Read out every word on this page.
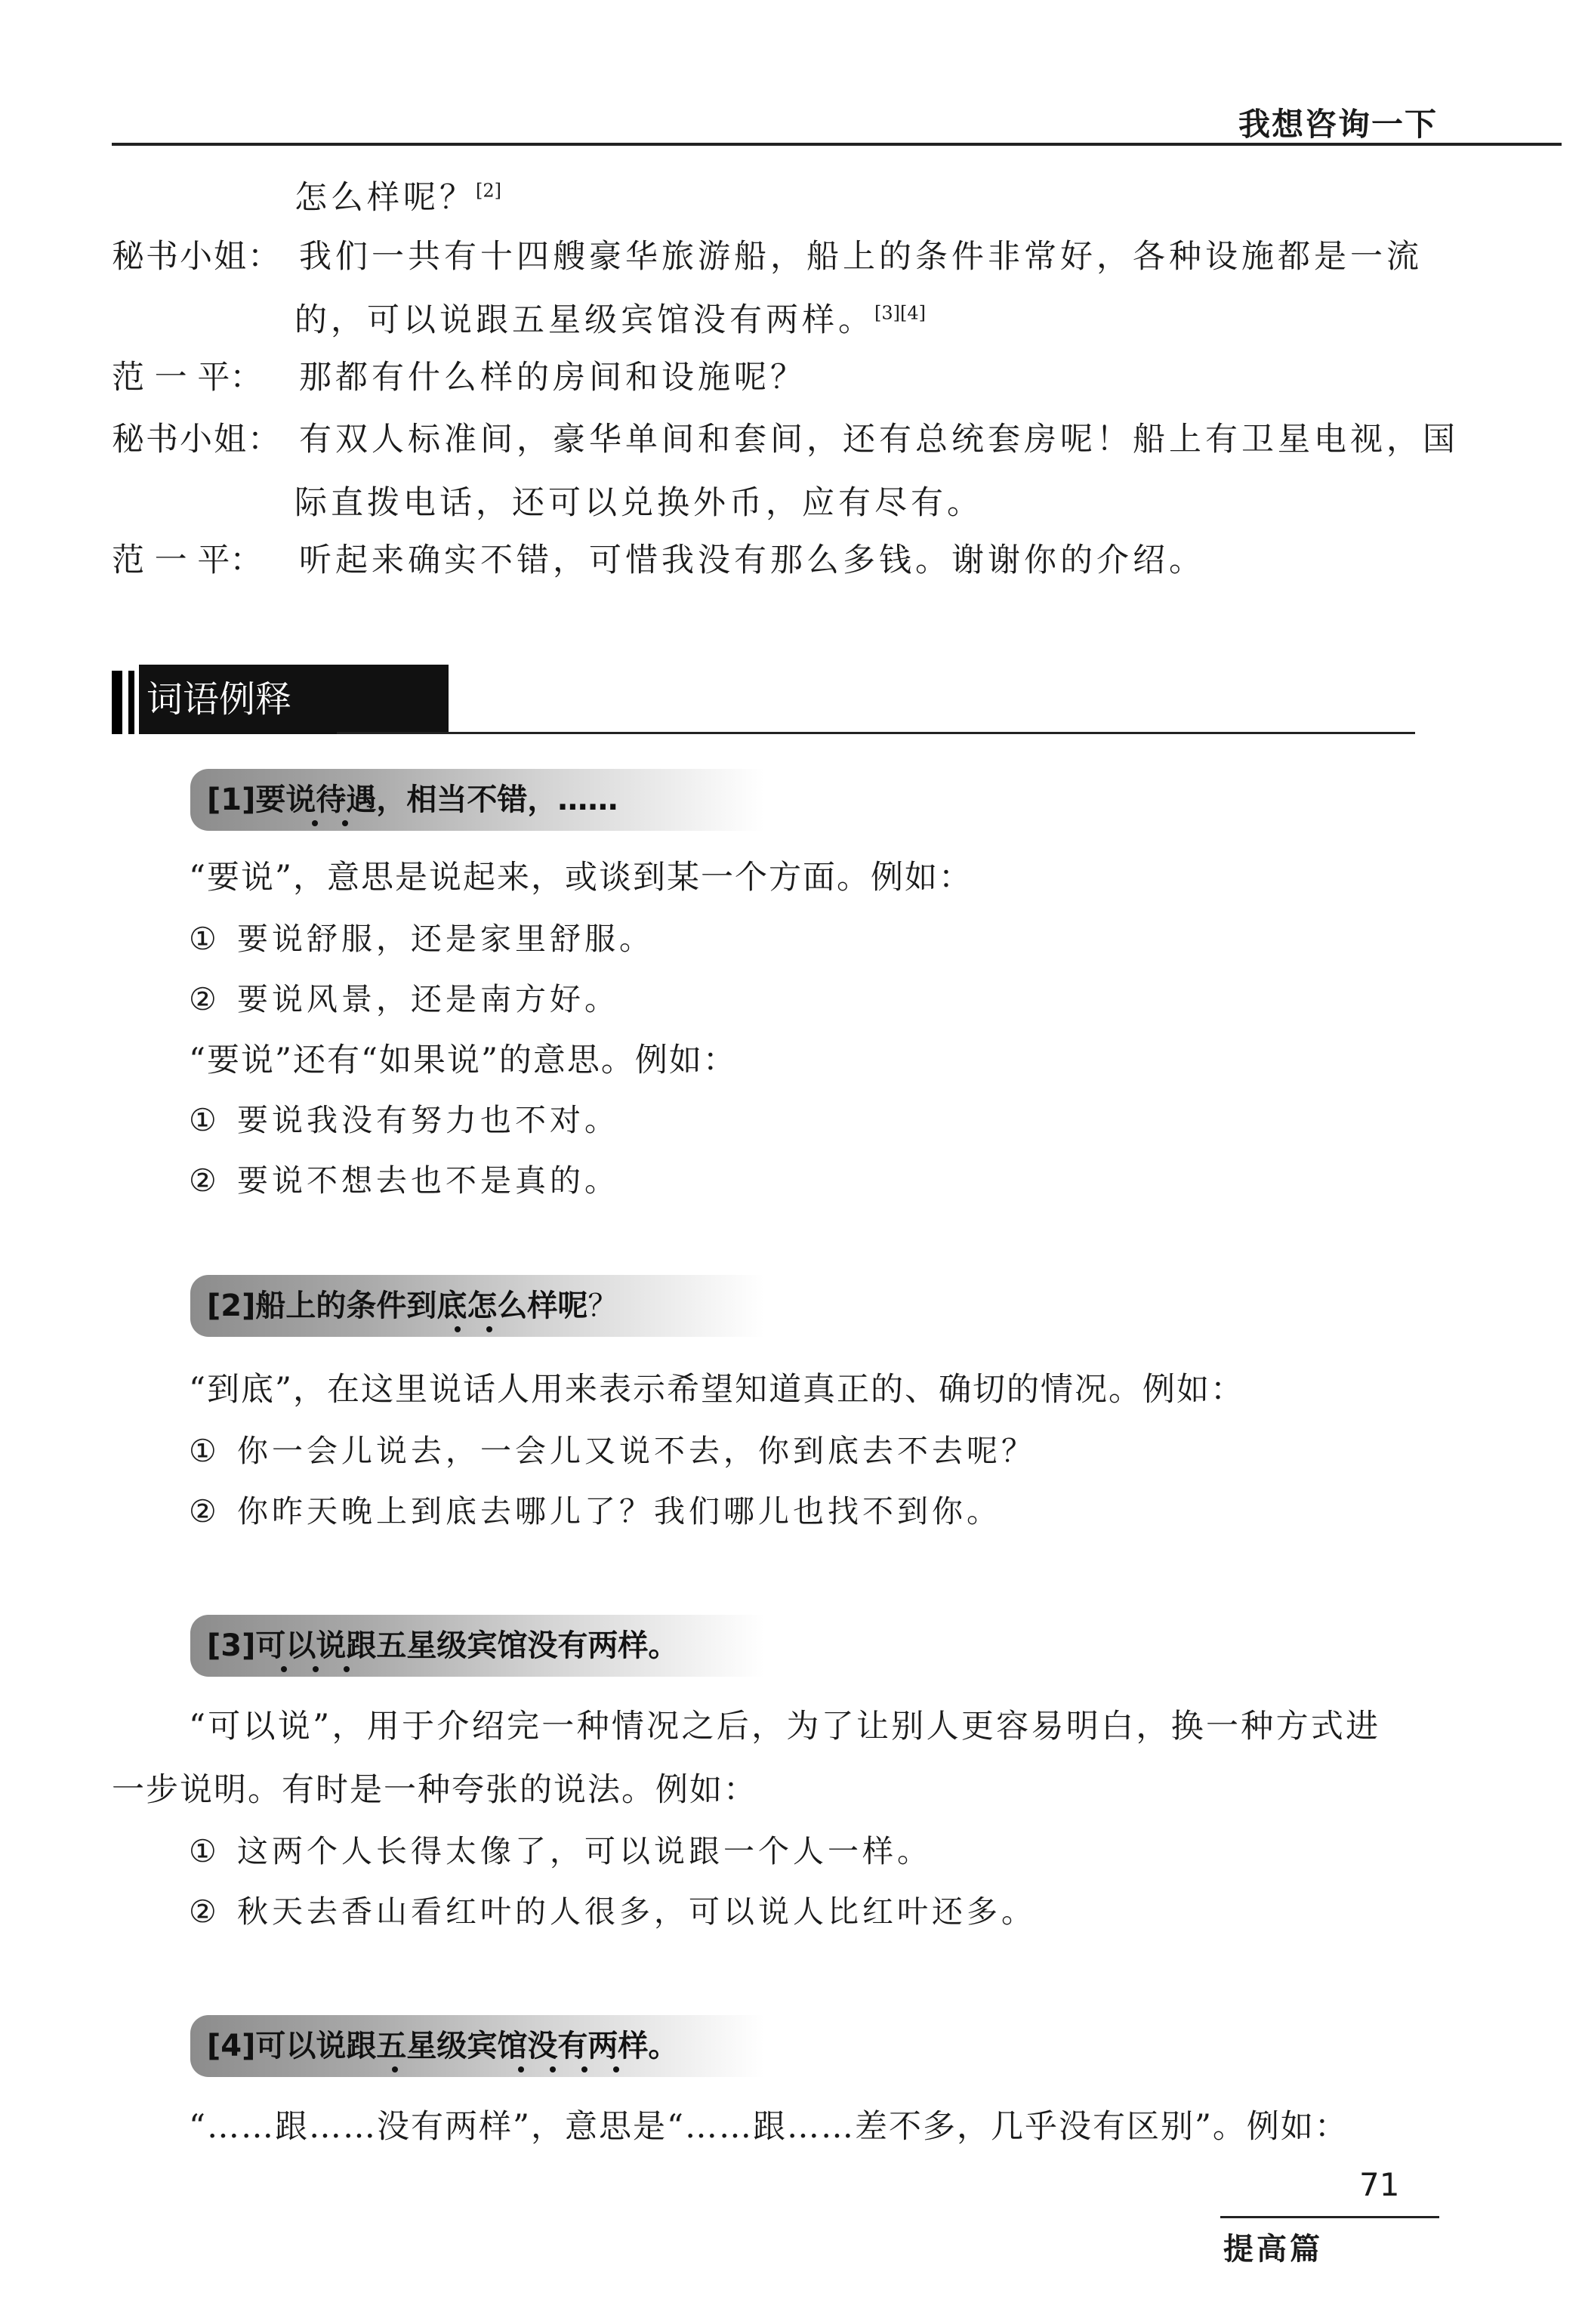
我想咨询一下
怎么样呢？[2]
秘书小姐： 我们一共有十四艘豪华旅游船，船上的条件非常好，各种设施都是一流
的，可以说跟五星级宾馆没有两样。[3][4]
范 一 平： 那都有什么样的房间和设施呢？
秘书小姐： 有双人标准间，豪华单间和套间，还有总统套房呢！船上有卫星电视，国
际直拨电话，还可以兑换外币，应有尽有。
范 一 平： 听起来确实不错，可惜我没有那么多钱。谢谢你的介绍。
词语例释
[1]要说待遇，相当不错，……
“要说”，意思是说起来，或谈到某一个方面。例如：
① 要说舒服，还是家里舒服。
② 要说风景，还是南方好。
“要说”还有“如果说”的意思。例如：
① 要说我没有努力也不对。
② 要说不想去也不是真的。
[2]船上的条件到底怎么样呢？
“到底”，在这里说话人用来表示希望知道真正的、确切的情况。例如：
① 你一会儿说去，一会儿又说不去，你到底去不去呢？
② 你昨天晚上到底去哪儿了？我们哪儿也找不到你。
[3]可以说跟五星级宾馆没有两样。
“可以说”，用于介绍完一种情况之后，为了让别人更容易明白，换一种方式进
一步说明。有时是一种夸张的说法。例如：
① 这两个人长得太像了，可以说跟一个人一样。
② 秋天去香山看红叶的人很多，可以说人比红叶还多。
[4]可以说跟五星级宾馆没有两样。
“……跟……没有两样”，意思是“……跟……差不多，几乎没有区别”。例如：
71
提高篇
